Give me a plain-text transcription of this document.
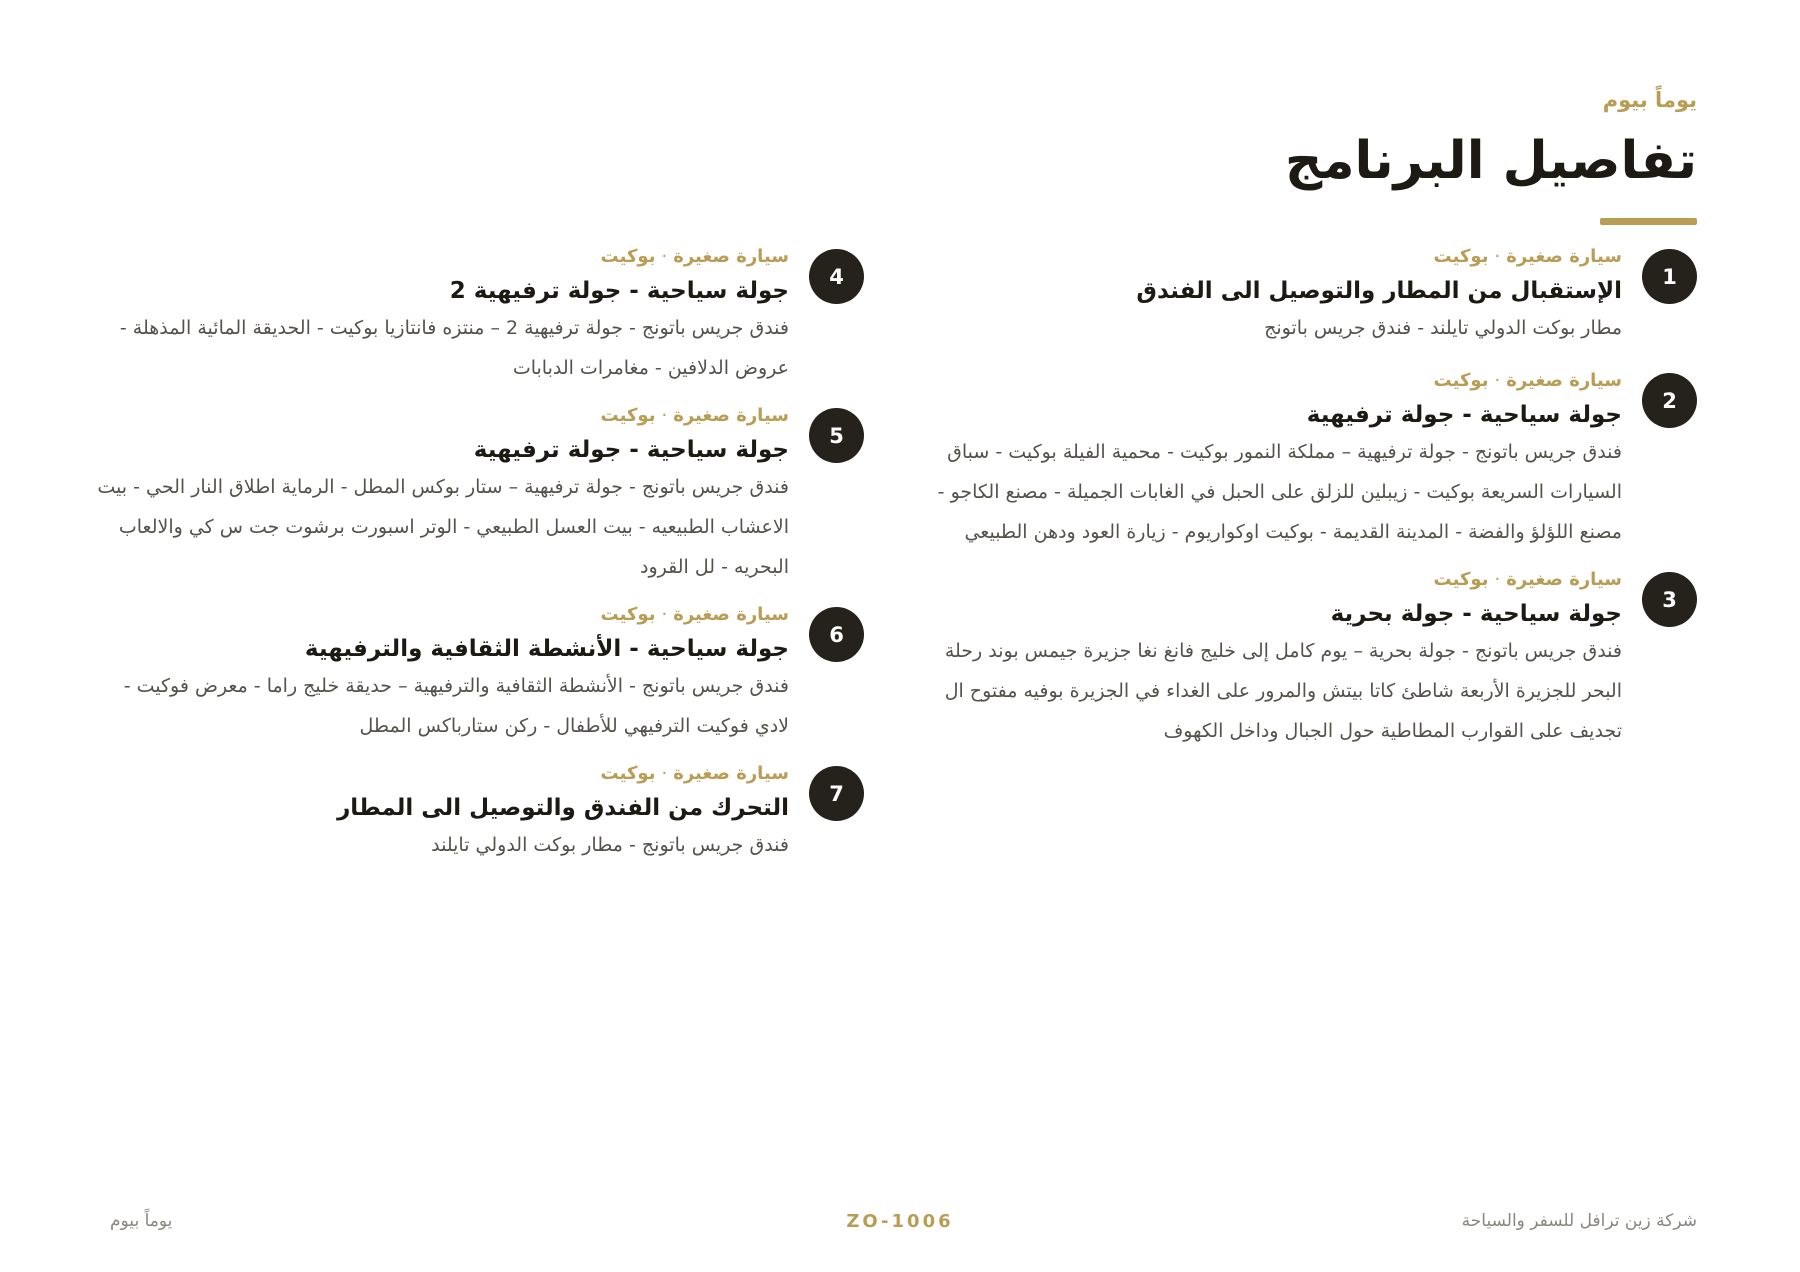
يوماً بيوم
تفاصيل البرنامج
1
سيارة صغيرة·بوكيت
الإستقبال من المطار والتوصيل الى الفندق
مطار بوكت الدولي تايلند - فندق جريس باتونج
2
سيارة صغيرة·بوكيت
جولة سياحية - جولة ترفيهية
فندق جريس باتونج - جولة ترفيهية – مملكة النمور بوكيت - محمية الفيلة بوكيت - سباق السيارات السريعة بوكيت - زيبلين للزلق على الحبل في الغابات الجميلة - مصنع الكاجو - مصنع اللؤلؤ والفضة - المدينة القديمة - بوكيت اوكواريوم - زيارة العود ودهن الطبيعي
3
سيارة صغيرة·بوكيت
جولة سياحية - جولة بحرية
فندق جريس باتونج - جولة بحرية – يوم كامل إلى خليج فانغ نغا جزيرة جيمس بوند رحلة البحر للجزيرة الأربعة شاطئ كاتا بيتش والمرور على الغداء في الجزيرة بوفيه مفتوح ال تجديف على القوارب المطاطية حول الجبال وداخل الكهوف
4
سيارة صغيرة·بوكيت
جولة سياحية - جولة ترفيهية 2
فندق جريس باتونج - جولة ترفيهية 2 – منتزه فانتازيا بوكيت - الحديقة المائية المذهلة - عروض الدلافين - مغامرات الدبابات
5
سيارة صغيرة·بوكيت
جولة سياحية - جولة ترفيهية
فندق جريس باتونج - جولة ترفيهية – ستار بوكس المطل - الرماية اطلاق النار الحي - بيت الاعشاب الطبيعيه - بيت العسل الطبيعي - الوتر اسبورت برشوت جت س كي والالعاب البحريه - لل القرود
6
سيارة صغيرة·بوكيت
جولة سياحية - الأنشطة الثقافية والترفيهية
فندق جريس باتونج - الأنشطة الثقافية والترفيهية – حديقة خليج راما - معرض فوكيت - لادي فوكيت الترفيهي للأطفال - ركن ستارباكس المطل
7
سيارة صغيرة·بوكيت
التحرك من الفندق والتوصيل الى المطار
فندق جريس باتونج - مطار بوكت الدولي تايلند
شركة زين ترافل للسفر والسياحة
ZO-1006
يوماً بيوم
